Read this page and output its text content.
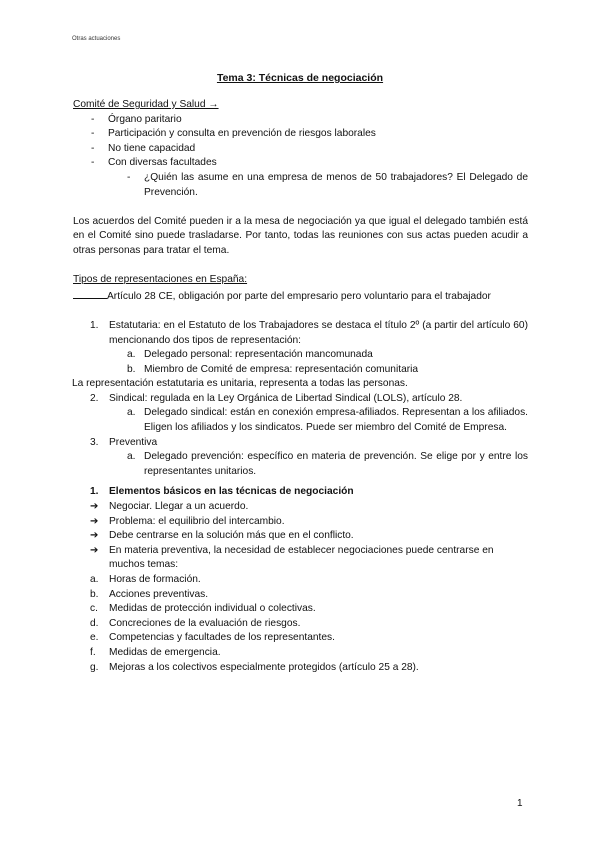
Otras actuaciones
Tema 3: Técnicas de negociación
Comité de Seguridad y Salud →
-	Órgano paritario
-	Participación y consulta en prevención de riesgos laborales
-	No tiene capacidad
-	Con diversas facultades
-	¿Quién las asume en una empresa de menos de 50 trabajadores? El Delegado de Prevención.
Los acuerdos del Comité pueden ir a la mesa de negociación ya que igual el delegado también está en el Comité sino puede trasladarse. Por tanto, todas las reuniones con sus actas pueden acudir a otras personas para tratar el tema.
Tipos de representaciones en España:
Artículo 28 CE, obligación por parte del empresario pero voluntario para el trabajador
1.	Estatutaria: en el Estatuto de los Trabajadores se destaca el título 2º (a partir del artículo 60) mencionando dos tipos de representación:
a. Delegado personal: representación mancomunada
b. Miembro de Comité de empresa: representación comunitaria
La representación estatutaria es unitaria, representa a todas las personas.
2.	Sindical: regulada en la Ley Orgánica de Libertad Sindical (LOLS), artículo 28.
a. Delegado sindical: están en conexión empresa-afiliados. Representan a los afiliados. Eligen los afiliados y los sindicatos. Puede ser miembro del Comité de Empresa.
3.	Preventiva
a. Delegado prevención: específico en materia de prevención. Se elige por y entre los representantes unitarios.
1.	Elementos básicos en las técnicas de negociación
➔	Negociar. Llegar a un acuerdo.
➔	Problema: el equilibrio del intercambio.
➔	Debe centrarse en la solución más que en el conflicto.
➔	En materia preventiva, la necesidad de establecer negociaciones puede centrarse en muchos temas:
a.	Horas de formación.
b.	Acciones preventivas.
c.	Medidas de protección individual o colectivas.
d.	Concreciones de la evaluación de riesgos.
e.	Competencias y facultades de los representantes.
f.	Medidas de emergencia.
g.	Mejoras a los colectivos especialmente protegidos (artículo 25 a 28).
1
